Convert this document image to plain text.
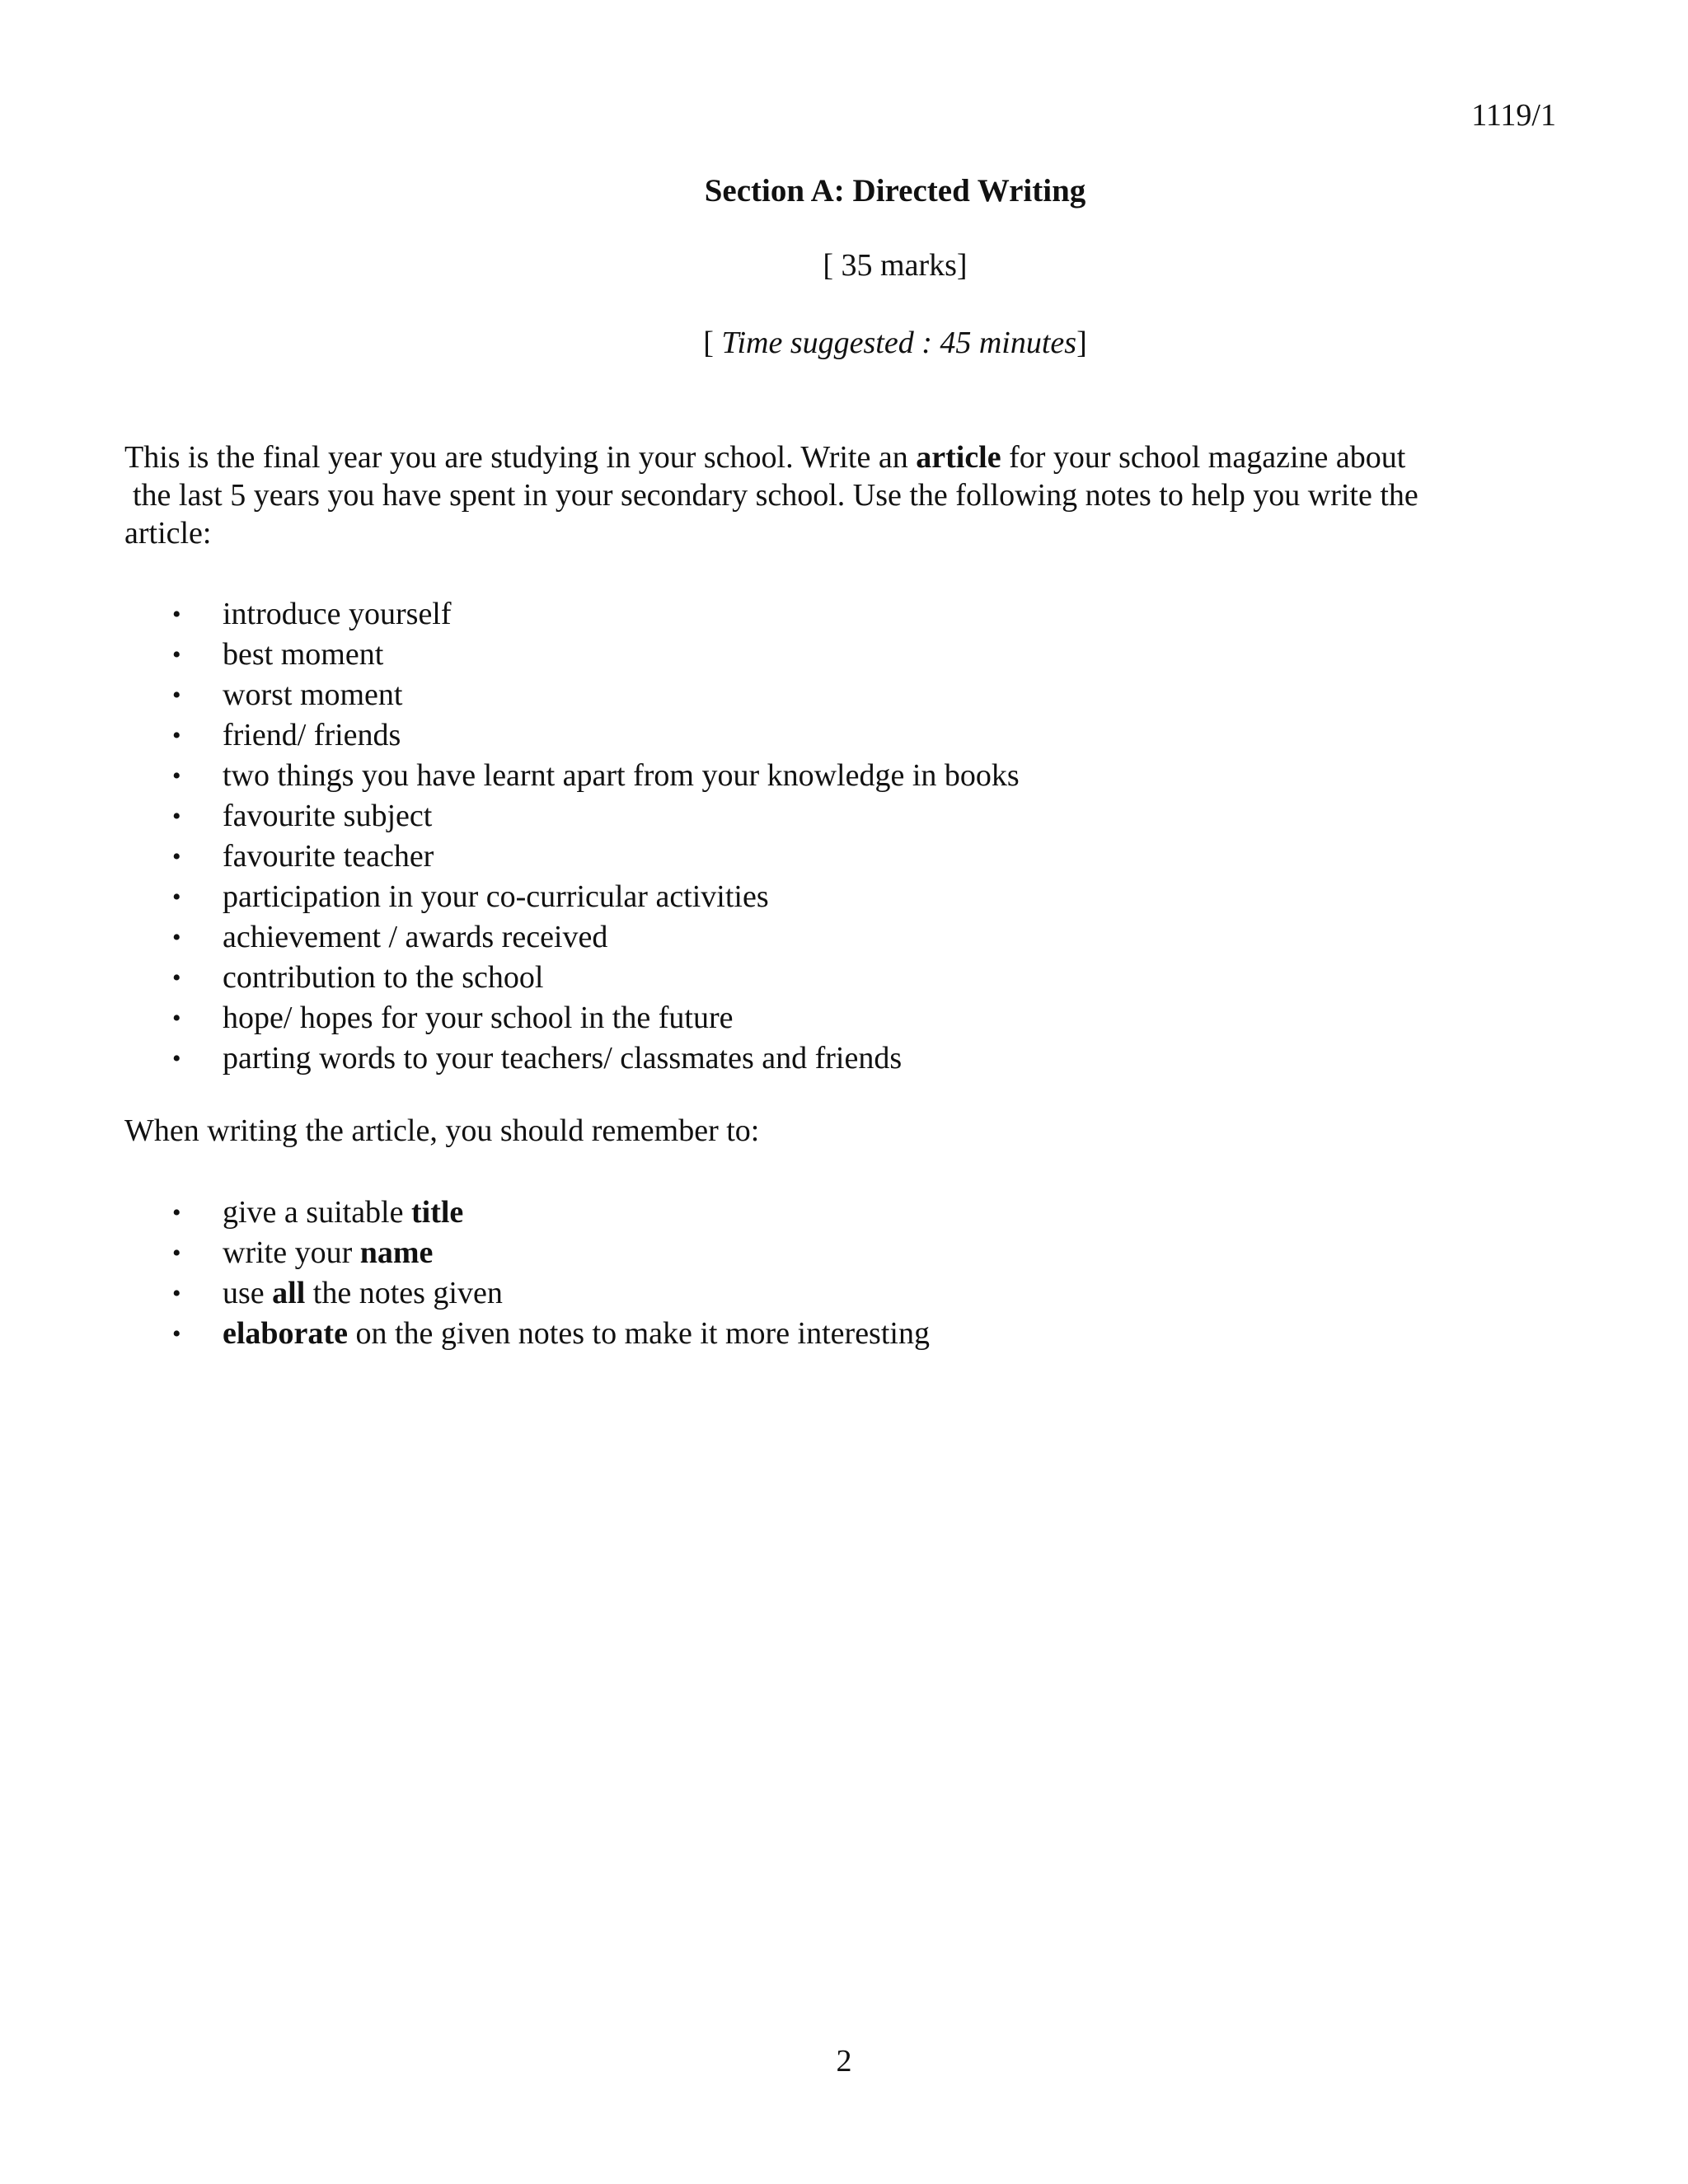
1119/1
Section A: Directed Writing
[ 35 marks]
[ Time suggested : 45 minutes]

This is the final year you are studying in your school. Write an article for your school magazine about
the last 5 years you have spent in your secondary school. Use the following notes to help you write the
article:

• introduce yourself
• best moment
• worst moment
• friend/ friends
• two things you have learnt apart from your knowledge in books
• favourite subject
• favourite teacher
• participation in your co-curricular activities
• achievement / awards received
• contribution to the school
• hope/ hopes for your school in the future
• parting words to your teachers/ classmates and friends

When writing the article, you should remember to:

• give a suitable title
• write your name
• use all the notes given
• elaborate on the given notes to make it more interesting
2
